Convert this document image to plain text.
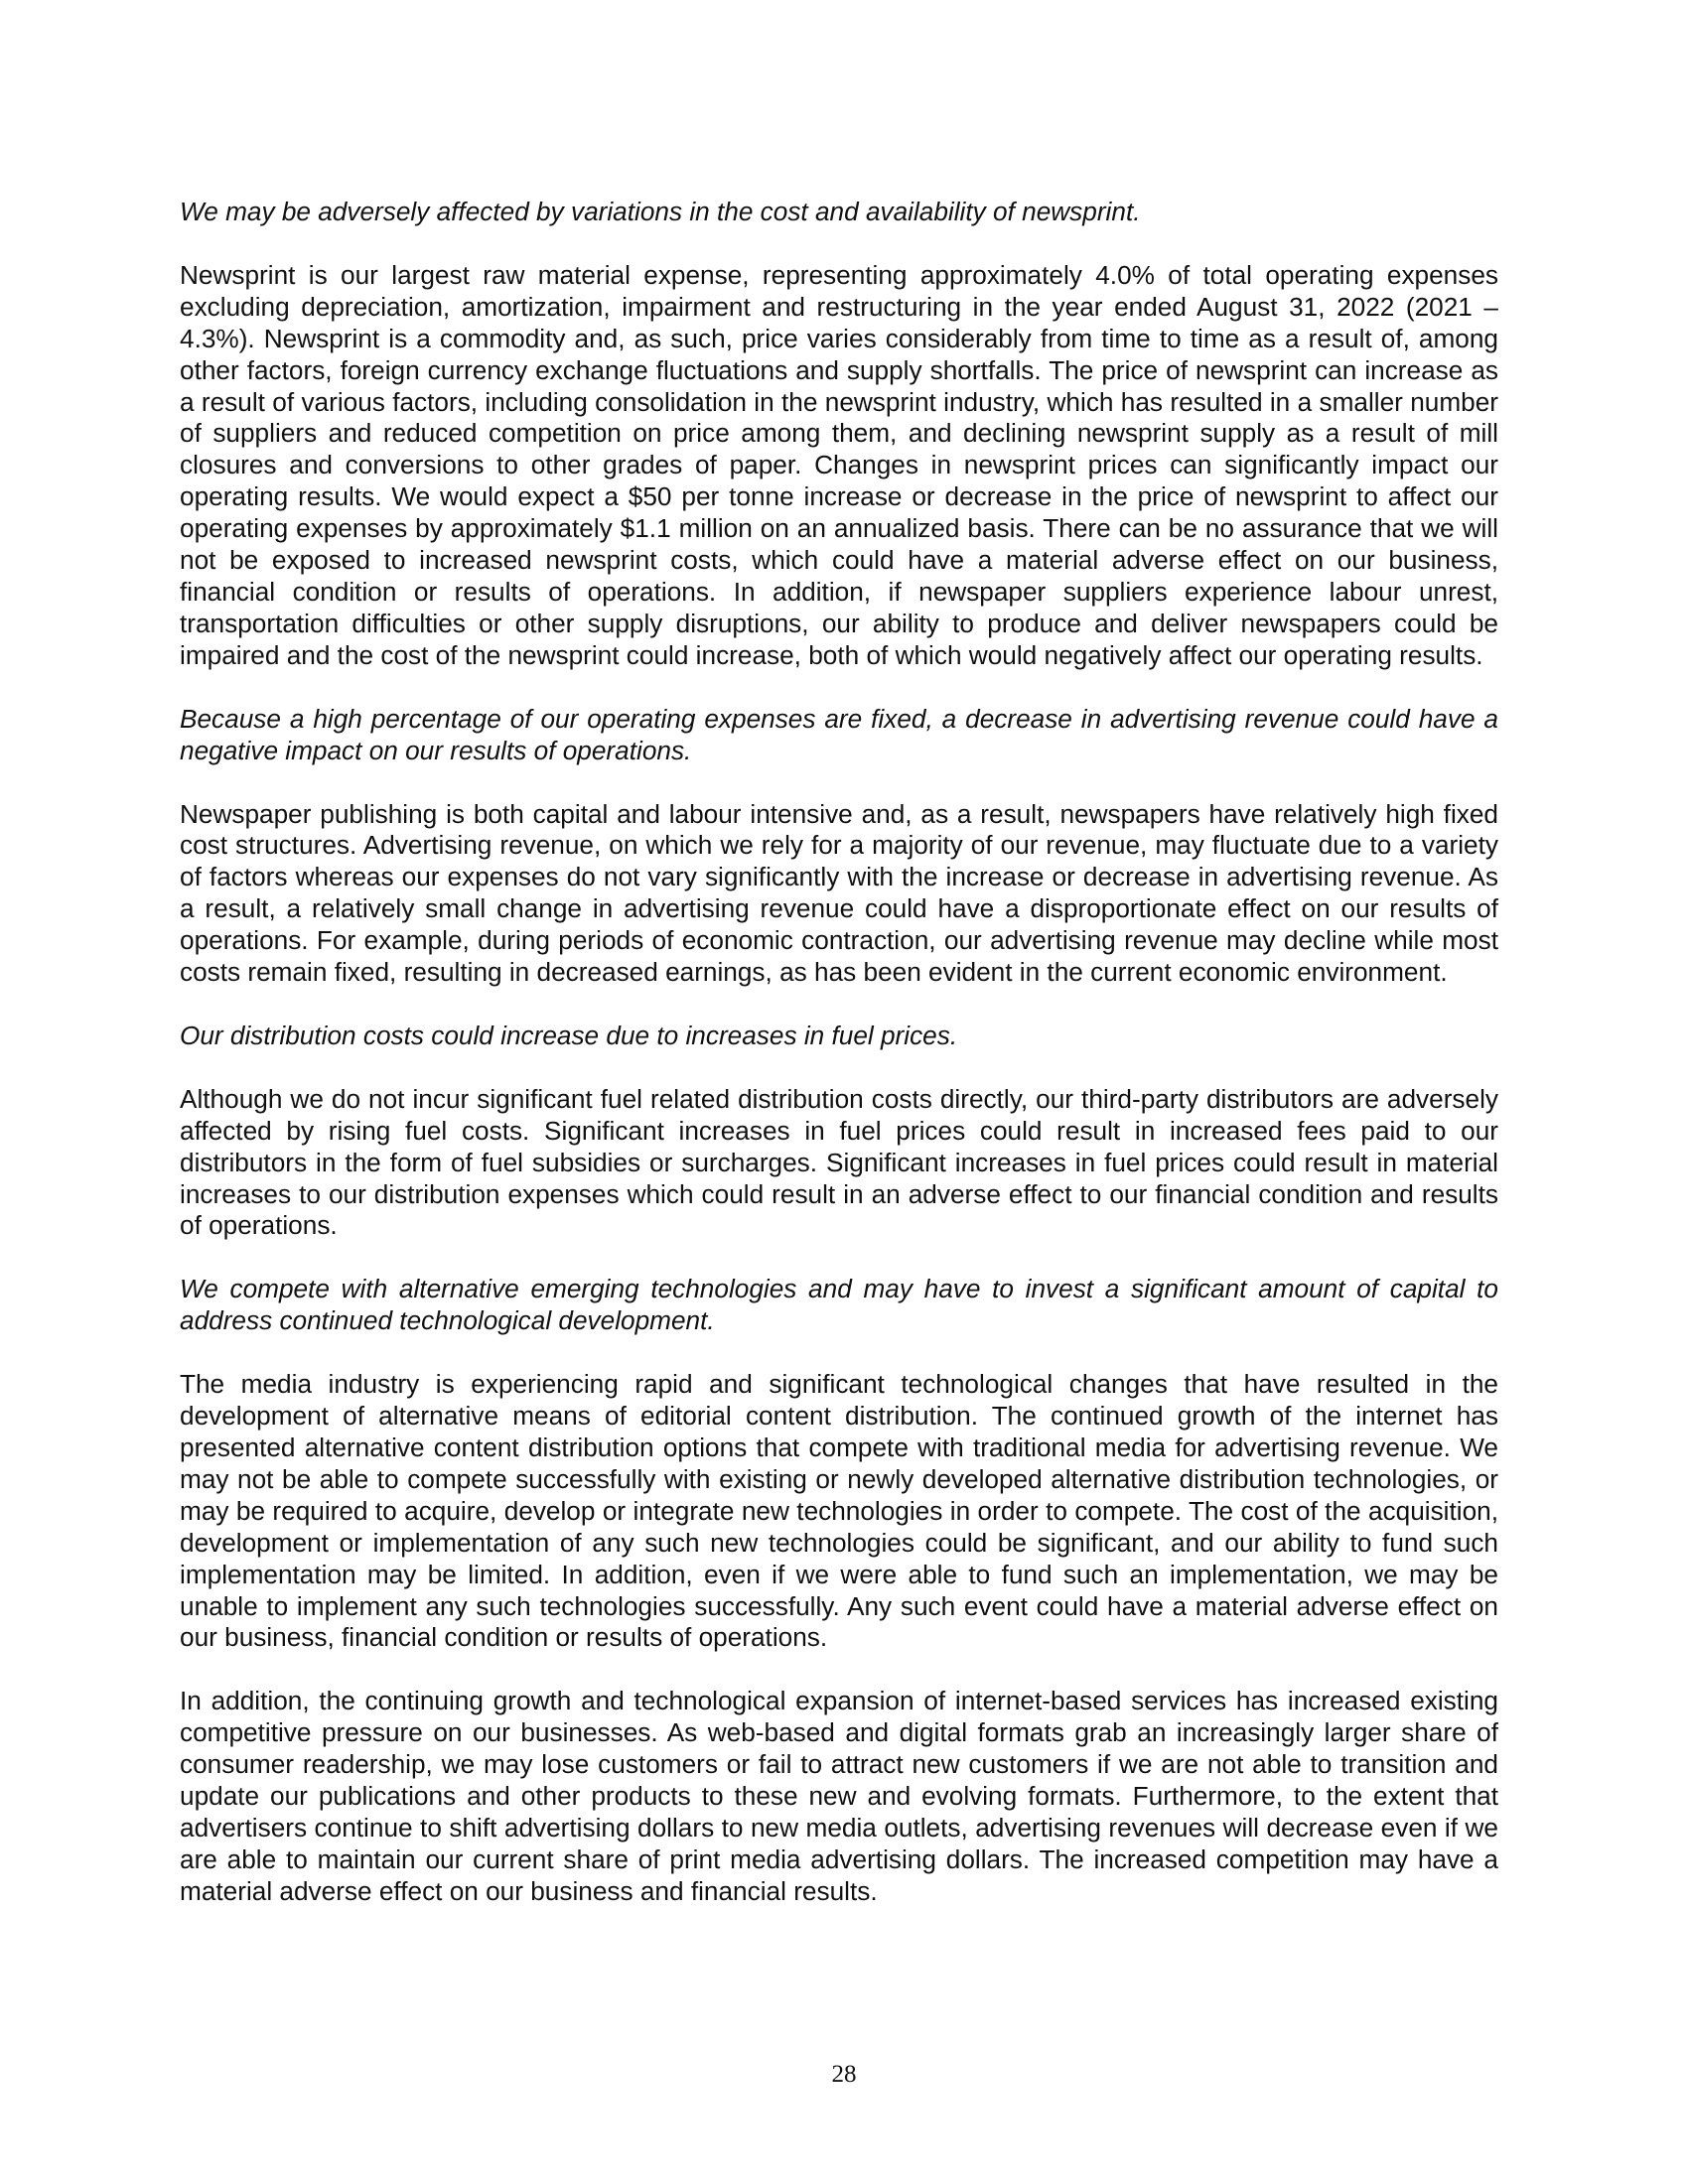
We may be adversely affected by variations in the cost and availability of newsprint.

Newsprint is our largest raw material expense, representing approximately 4.0% of total operating expenses excluding depreciation, amortization, impairment and restructuring in the year ended August 31, 2022 (2021 – 4.3%). Newsprint is a commodity and, as such, price varies considerably from time to time as a result of, among other factors, foreign currency exchange fluctuations and supply shortfalls. The price of newsprint can increase as a result of various factors, including consolidation in the newsprint industry, which has resulted in a smaller number of suppliers and reduced competition on price among them, and declining newsprint supply as a result of mill closures and conversions to other grades of paper. Changes in newsprint prices can significantly impact our operating results. We would expect a $50 per tonne increase or decrease in the price of newsprint to affect our operating expenses by approximately $1.1 million on an annualized basis. There can be no assurance that we will not be exposed to increased newsprint costs, which could have a material adverse effect on our business, financial condition or results of operations. In addition, if newspaper suppliers experience labour unrest, transportation difficulties or other supply disruptions, our ability to produce and deliver newspapers could be impaired and the cost of the newsprint could increase, both of which would negatively affect our operating results.

Because a high percentage of our operating expenses are fixed, a decrease in advertising revenue could have a negative impact on our results of operations.

Newspaper publishing is both capital and labour intensive and, as a result, newspapers have relatively high fixed cost structures. Advertising revenue, on which we rely for a majority of our revenue, may fluctuate due to a variety of factors whereas our expenses do not vary significantly with the increase or decrease in advertising revenue. As a result, a relatively small change in advertising revenue could have a disproportionate effect on our results of operations. For example, during periods of economic contraction, our advertising revenue may decline while most costs remain fixed, resulting in decreased earnings, as has been evident in the current economic environment.

Our distribution costs could increase due to increases in fuel prices.

Although we do not incur significant fuel related distribution costs directly, our third-party distributors are adversely affected by rising fuel costs. Significant increases in fuel prices could result in increased fees paid to our distributors in the form of fuel subsidies or surcharges. Significant increases in fuel prices could result in material increases to our distribution expenses which could result in an adverse effect to our financial condition and results of operations.

We compete with alternative emerging technologies and may have to invest a significant amount of capital to address continued technological development.

The media industry is experiencing rapid and significant technological changes that have resulted in the development of alternative means of editorial content distribution. The continued growth of the internet has presented alternative content distribution options that compete with traditional media for advertising revenue. We may not be able to compete successfully with existing or newly developed alternative distribution technologies, or may be required to acquire, develop or integrate new technologies in order to compete. The cost of the acquisition, development or implementation of any such new technologies could be significant, and our ability to fund such implementation may be limited. In addition, even if we were able to fund such an implementation, we may be unable to implement any such technologies successfully. Any such event could have a material adverse effect on our business, financial condition or results of operations.

In addition, the continuing growth and technological expansion of internet-based services has increased existing competitive pressure on our businesses. As web-based and digital formats grab an increasingly larger share of consumer readership, we may lose customers or fail to attract new customers if we are not able to transition and update our publications and other products to these new and evolving formats. Furthermore, to the extent that advertisers continue to shift advertising dollars to new media outlets, advertising revenues will decrease even if we are able to maintain our current share of print media advertising dollars. The increased competition may have a material adverse effect on our business and financial results.

28
